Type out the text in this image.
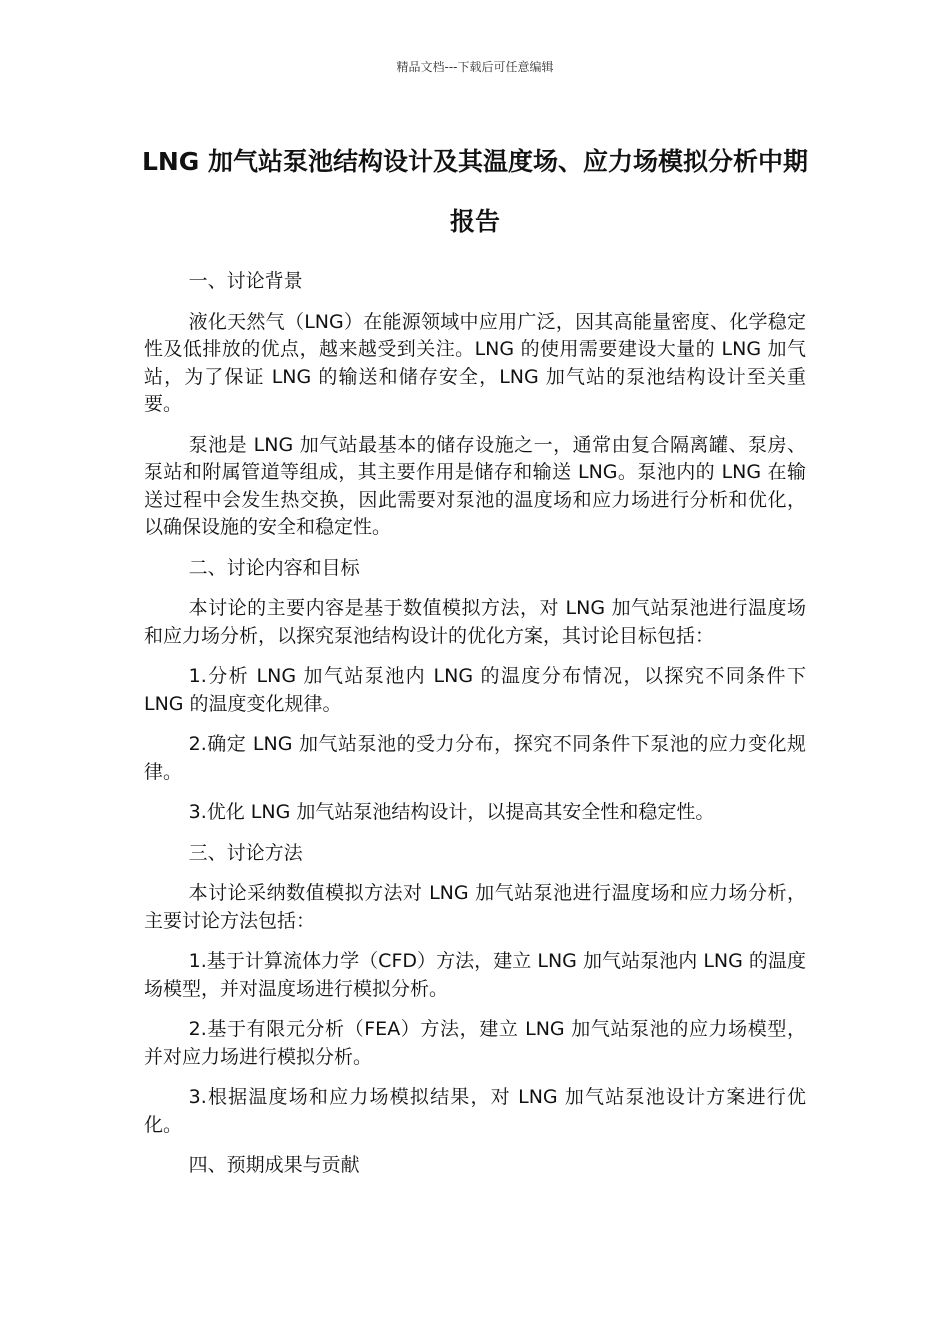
精品文档---下载后可任意编辑
LNG 加气站泵池结构设计及其温度场、应力场模拟分析中期报告

一、讨论背景

液化天然气（LNG）在能源领域中应用广泛，因其高能量密度、化学稳定性及低排放的优点，越来越受到关注。LNG 的使用需要建设大量的 LNG 加气站，为了保证 LNG 的输送和储存安全，LNG 加气站的泵池结构设计至关重要。

泵池是 LNG 加气站最基本的储存设施之一，通常由复合隔离罐、泵房、泵站和附属管道等组成，其主要作用是储存和输送 LNG。泵池内的 LNG 在输送过程中会发生热交换，因此需要对泵池的温度场和应力场进行分析和优化，以确保设施的安全和稳定性。

二、讨论内容和目标

本讨论的主要内容是基于数值模拟方法，对 LNG 加气站泵池进行温度场和应力场分析，以探究泵池结构设计的优化方案，其讨论目标包括：

1.分析 LNG 加气站泵池内 LNG 的温度分布情况，以探究不同条件下 LNG 的温度变化规律。

2.确定 LNG 加气站泵池的受力分布，探究不同条件下泵池的应力变化规律。

3.优化 LNG 加气站泵池结构设计，以提高其安全性和稳定性。

三、讨论方法

本讨论采纳数值模拟方法对 LNG 加气站泵池进行温度场和应力场分析，主要讨论方法包括：

1.基于计算流体力学（CFD）方法，建立 LNG 加气站泵池内 LNG 的温度场模型，并对温度场进行模拟分析。

2.基于有限元分析（FEA）方法，建立 LNG 加气站泵池的应力场模型，并对应力场进行模拟分析。

3.根据温度场和应力场模拟结果，对 LNG 加气站泵池设计方案进行优化。

四、预期成果与贡献
